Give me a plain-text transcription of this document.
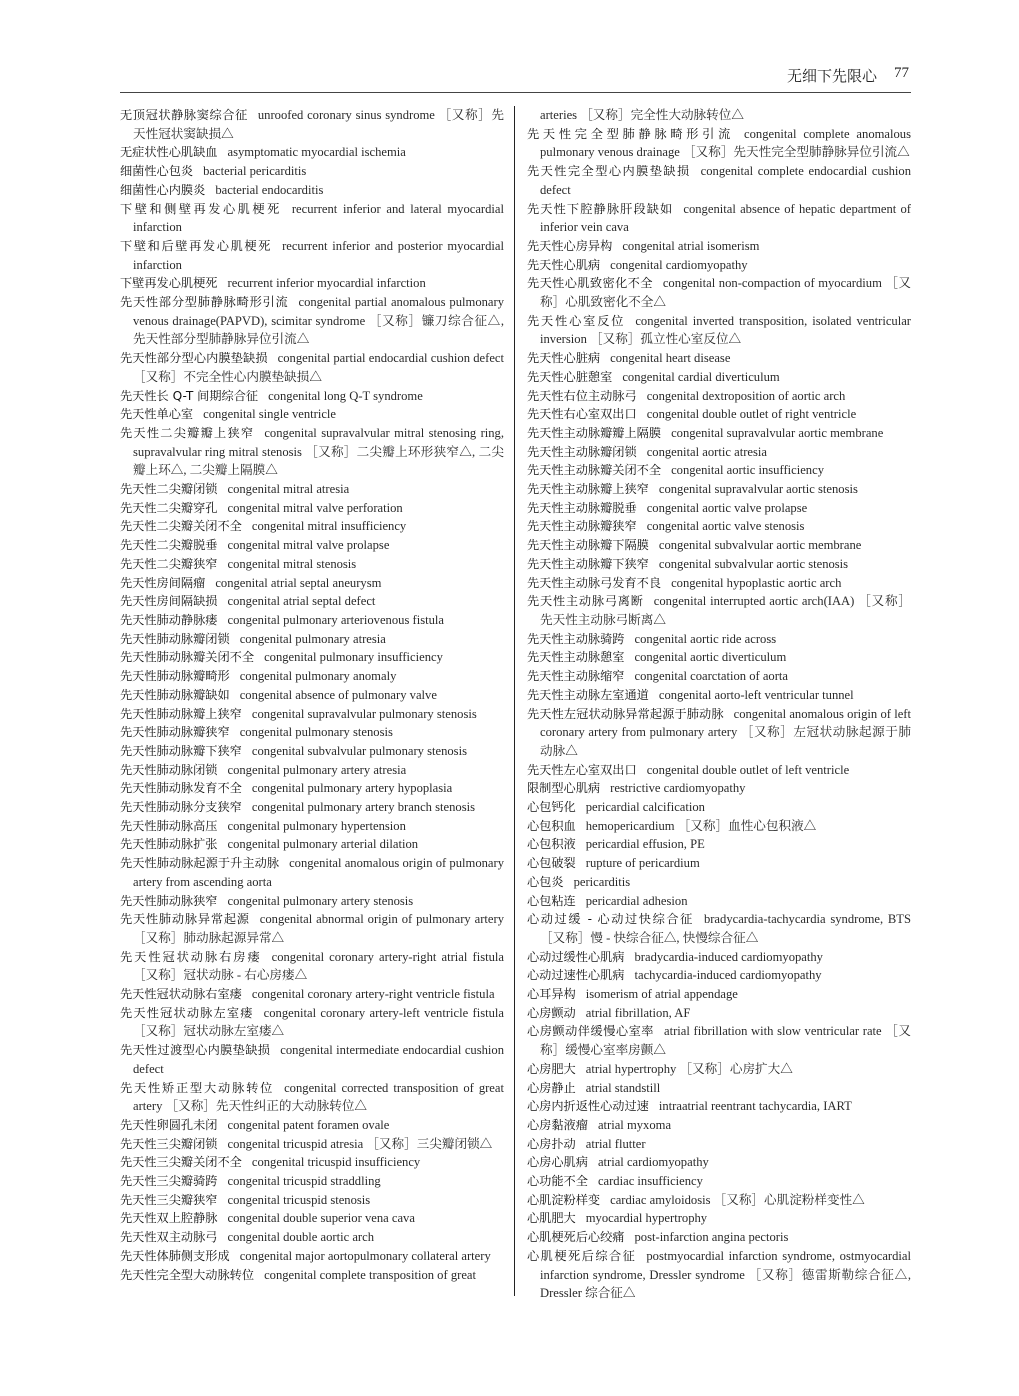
无细下先限心 77

无顶冠状静脉窦综合征 unroofed coronary sinus syndrome ［又称］先天性冠状窦缺损△

无症状性心肌缺血 asymptomatic myocardial ischemia

细菌性心包炎 bacterial pericarditis

细菌性心内膜炎 bacterial endocarditis

下壁和侧壁再发心肌梗死 recurrent inferior and lateral myocardial infarction

下壁和后壁再发心肌梗死 recurrent inferior and posterior myocardial infarction

下壁再发心肌梗死 recurrent inferior myocardial infarction

先天性部分型肺静脉畸形引流 congenital partial anomalous pulmonary venous drainage(PAPVD), scimitar syndrome ［又称］镰刀综合征△, 先天性部分型肺静脉异位引流△

先天性部分型心内膜垫缺损 congenital partial endocardial cushion defect ［又称］不完全性心内膜垫缺损△

先天性长 Q-T 间期综合征 congenital long Q-T syndrome

先天性单心室 congenital single ventricle

先天性二尖瓣瓣上狭窄 congenital supravalvular mitral stenosing ring, supravalvular ring mitral stenosis ［又称］二尖瓣上环形狭窄△, 二尖瓣上环△, 二尖瓣上隔膜△

先天性二尖瓣闭锁 congenital mitral atresia

先天性二尖瓣穿孔 congenital mitral valve perforation

先天性二尖瓣关闭不全 congenital mitral insufficiency

先天性二尖瓣脱垂 congenital mitral valve prolapse

先天性二尖瓣狭窄 congenital mitral stenosis

先天性房间隔瘤 congenital atrial septal aneurysm

先天性房间隔缺损 congenital atrial septal defect

先天性肺动静脉瘘 congenital pulmonary arteriovenous fistula

先天性肺动脉瓣闭锁 congenital pulmonary atresia

先天性肺动脉瓣关闭不全 congenital pulmonary insufficiency

先天性肺动脉瓣畸形 congenital pulmonary anomaly

先天性肺动脉瓣缺如 congenital absence of pulmonary valve

先天性肺动脉瓣上狭窄 congenital supravalvular pulmonary stenosis

先天性肺动脉瓣狭窄 congenital pulmonary stenosis

先天性肺动脉瓣下狭窄 congenital subvalvular pulmonary stenosis

先天性肺动脉闭锁 congenital pulmonary artery atresia

先天性肺动脉发育不全 congenital pulmonary artery hypoplasia

先天性肺动脉分支狭窄 congenital pulmonary artery branch stenosis

先天性肺动脉高压 congenital pulmonary hypertension

先天性肺动脉扩张 congenital pulmonary arterial dilation

先天性肺动脉起源于升主动脉 congenital anomalous origin of pulmonary artery from ascending aorta

先天性肺动脉狭窄 congenital pulmonary artery stenosis

先天性肺动脉异常起源 congenital abnormal origin of pulmonary artery ［又称］肺动脉起源异常△

先天性冠状动脉右房瘘 congenital coronary artery-right atrial fistula ［又称］冠状动脉 - 右心房瘘△

先天性冠状动脉右室瘘 congenital coronary artery-right ventricle fistula

先天性冠状动脉左室瘘 congenital coronary artery-left ventricle fistula ［又称］冠状动脉左室瘘△

先天性过渡型心内膜垫缺损 congenital intermediate endocardial cushion defect

先天性矫正型大动脉转位 congenital corrected transposition of great artery ［又称］先天性纠正的大动脉转位△

先天性卵圆孔未闭 congenital patent foramen ovale

先天性三尖瓣闭锁 congenital tricuspid atresia ［又称］三尖瓣闭锁△

先天性三尖瓣关闭不全 congenital tricuspid insufficiency

先天性三尖瓣骑跨 congenital tricuspid straddling

先天性三尖瓣狭窄 congenital tricuspid stenosis

先天性双上腔静脉 congenital double superior vena cava

先天性双主动脉弓 congenital double aortic arch

先天性体肺侧支形成 congenital major aortopulmonary collateral artery

先天性完全型大动脉转位 congenital complete transposition of great

arteries ［又称］完全性大动脉转位△

先天性完全型肺静脉畸形引流 congenital complete anomalous pulmonary venous drainage ［又称］先天性完全型肺静脉异位引流△

先天性完全型心内膜垫缺损 congenital complete endocardial cushion defect

先天性下腔静脉肝段缺如 congenital absence of hepatic department of inferior vein cava

先天性心房异构 congenital atrial isomerism

先天性心肌病 congenital cardiomyopathy

先天性心肌致密化不全 congenital non-compaction of myocardium ［又称］心肌致密化不全△

先天性心室反位 congenital inverted transposition, isolated ventricular inversion ［又称］孤立性心室反位△

先天性心脏病 congenital heart disease

先天性心脏憩室 congenital cardial diverticulum

先天性右位主动脉弓 congenital dextroposition of aortic arch

先天性右心室双出口 congenital double outlet of right ventricle

先天性主动脉瓣瓣上隔膜 congenital supravalvular aortic membrane

先天性主动脉瓣闭锁 congenital aortic atresia

先天性主动脉瓣关闭不全 congenital aortic insufficiency

先天性主动脉瓣上狭窄 congenital supravalvular aortic stenosis

先天性主动脉瓣脱垂 congenital aortic valve prolapse

先天性主动脉瓣狭窄 congenital aortic valve stenosis

先天性主动脉瓣下隔膜 congenital subvalvular aortic membrane

先天性主动脉瓣下狭窄 congenital subvalvular aortic stenosis

先天性主动脉弓发育不良 congenital hypoplastic aortic arch

先天性主动脉弓离断 congenital interrupted aortic arch(IAA) ［又称］先天性主动脉弓断离△

先天性主动脉骑跨 congenital aortic ride across

先天性主动脉憩室 congenital aortic diverticulum

先天性主动脉缩窄 congenital coarctation of aorta

先天性主动脉左室通道 congenital aorto-left ventricular tunnel

先天性左冠状动脉异常起源于肺动脉 congenital anomalous origin of left coronary artery from pulmonary artery ［又称］左冠状动脉起源于肺动脉△

先天性左心室双出口 congenital double outlet of left ventricle

限制型心肌病 restrictive cardiomyopathy

心包钙化 pericardial calcification

心包积血 hemopericardium ［又称］血性心包积液△

心包积液 pericardial effusion, PE

心包破裂 rupture of pericardium

心包炎 pericarditis

心包粘连 pericardial adhesion

心动过缓 - 心动过快综合征 bradycardia-tachycardia syndrome, BTS ［又称］慢 - 快综合征△, 快慢综合征△

心动过缓性心肌病 bradycardia-induced cardiomyopathy

心动过速性心肌病 tachycardia-induced cardiomyopathy

心耳异构 isomerism of atrial appendage

心房颤动 atrial fibrillation, AF

心房颤动伴缓慢心室率 atrial fibrillation with slow ventricular rate ［又称］缓慢心室率房颤△

心房肥大 atrial hypertrophy ［又称］心房扩大△

心房静止 atrial standstill

心房内折返性心动过速 intraatrial reentrant tachycardia, IART

心房黏液瘤 atrial myxoma

心房扑动 atrial flutter

心房心肌病 atrial cardiomyopathy

心功能不全 cardiac insufficiency

心肌淀粉样变 cardiac amyloidosis ［又称］心肌淀粉样变性△

心肌肥大 myocardial hypertrophy

心肌梗死后心绞痛 post-infarction angina pectoris

心肌梗死后综合征 postmyocardial infarction syndrome, ostmyocardial infarction syndrome, Dressler syndrome ［又称］德雷斯勒综合征△, Dressler 综合征△
